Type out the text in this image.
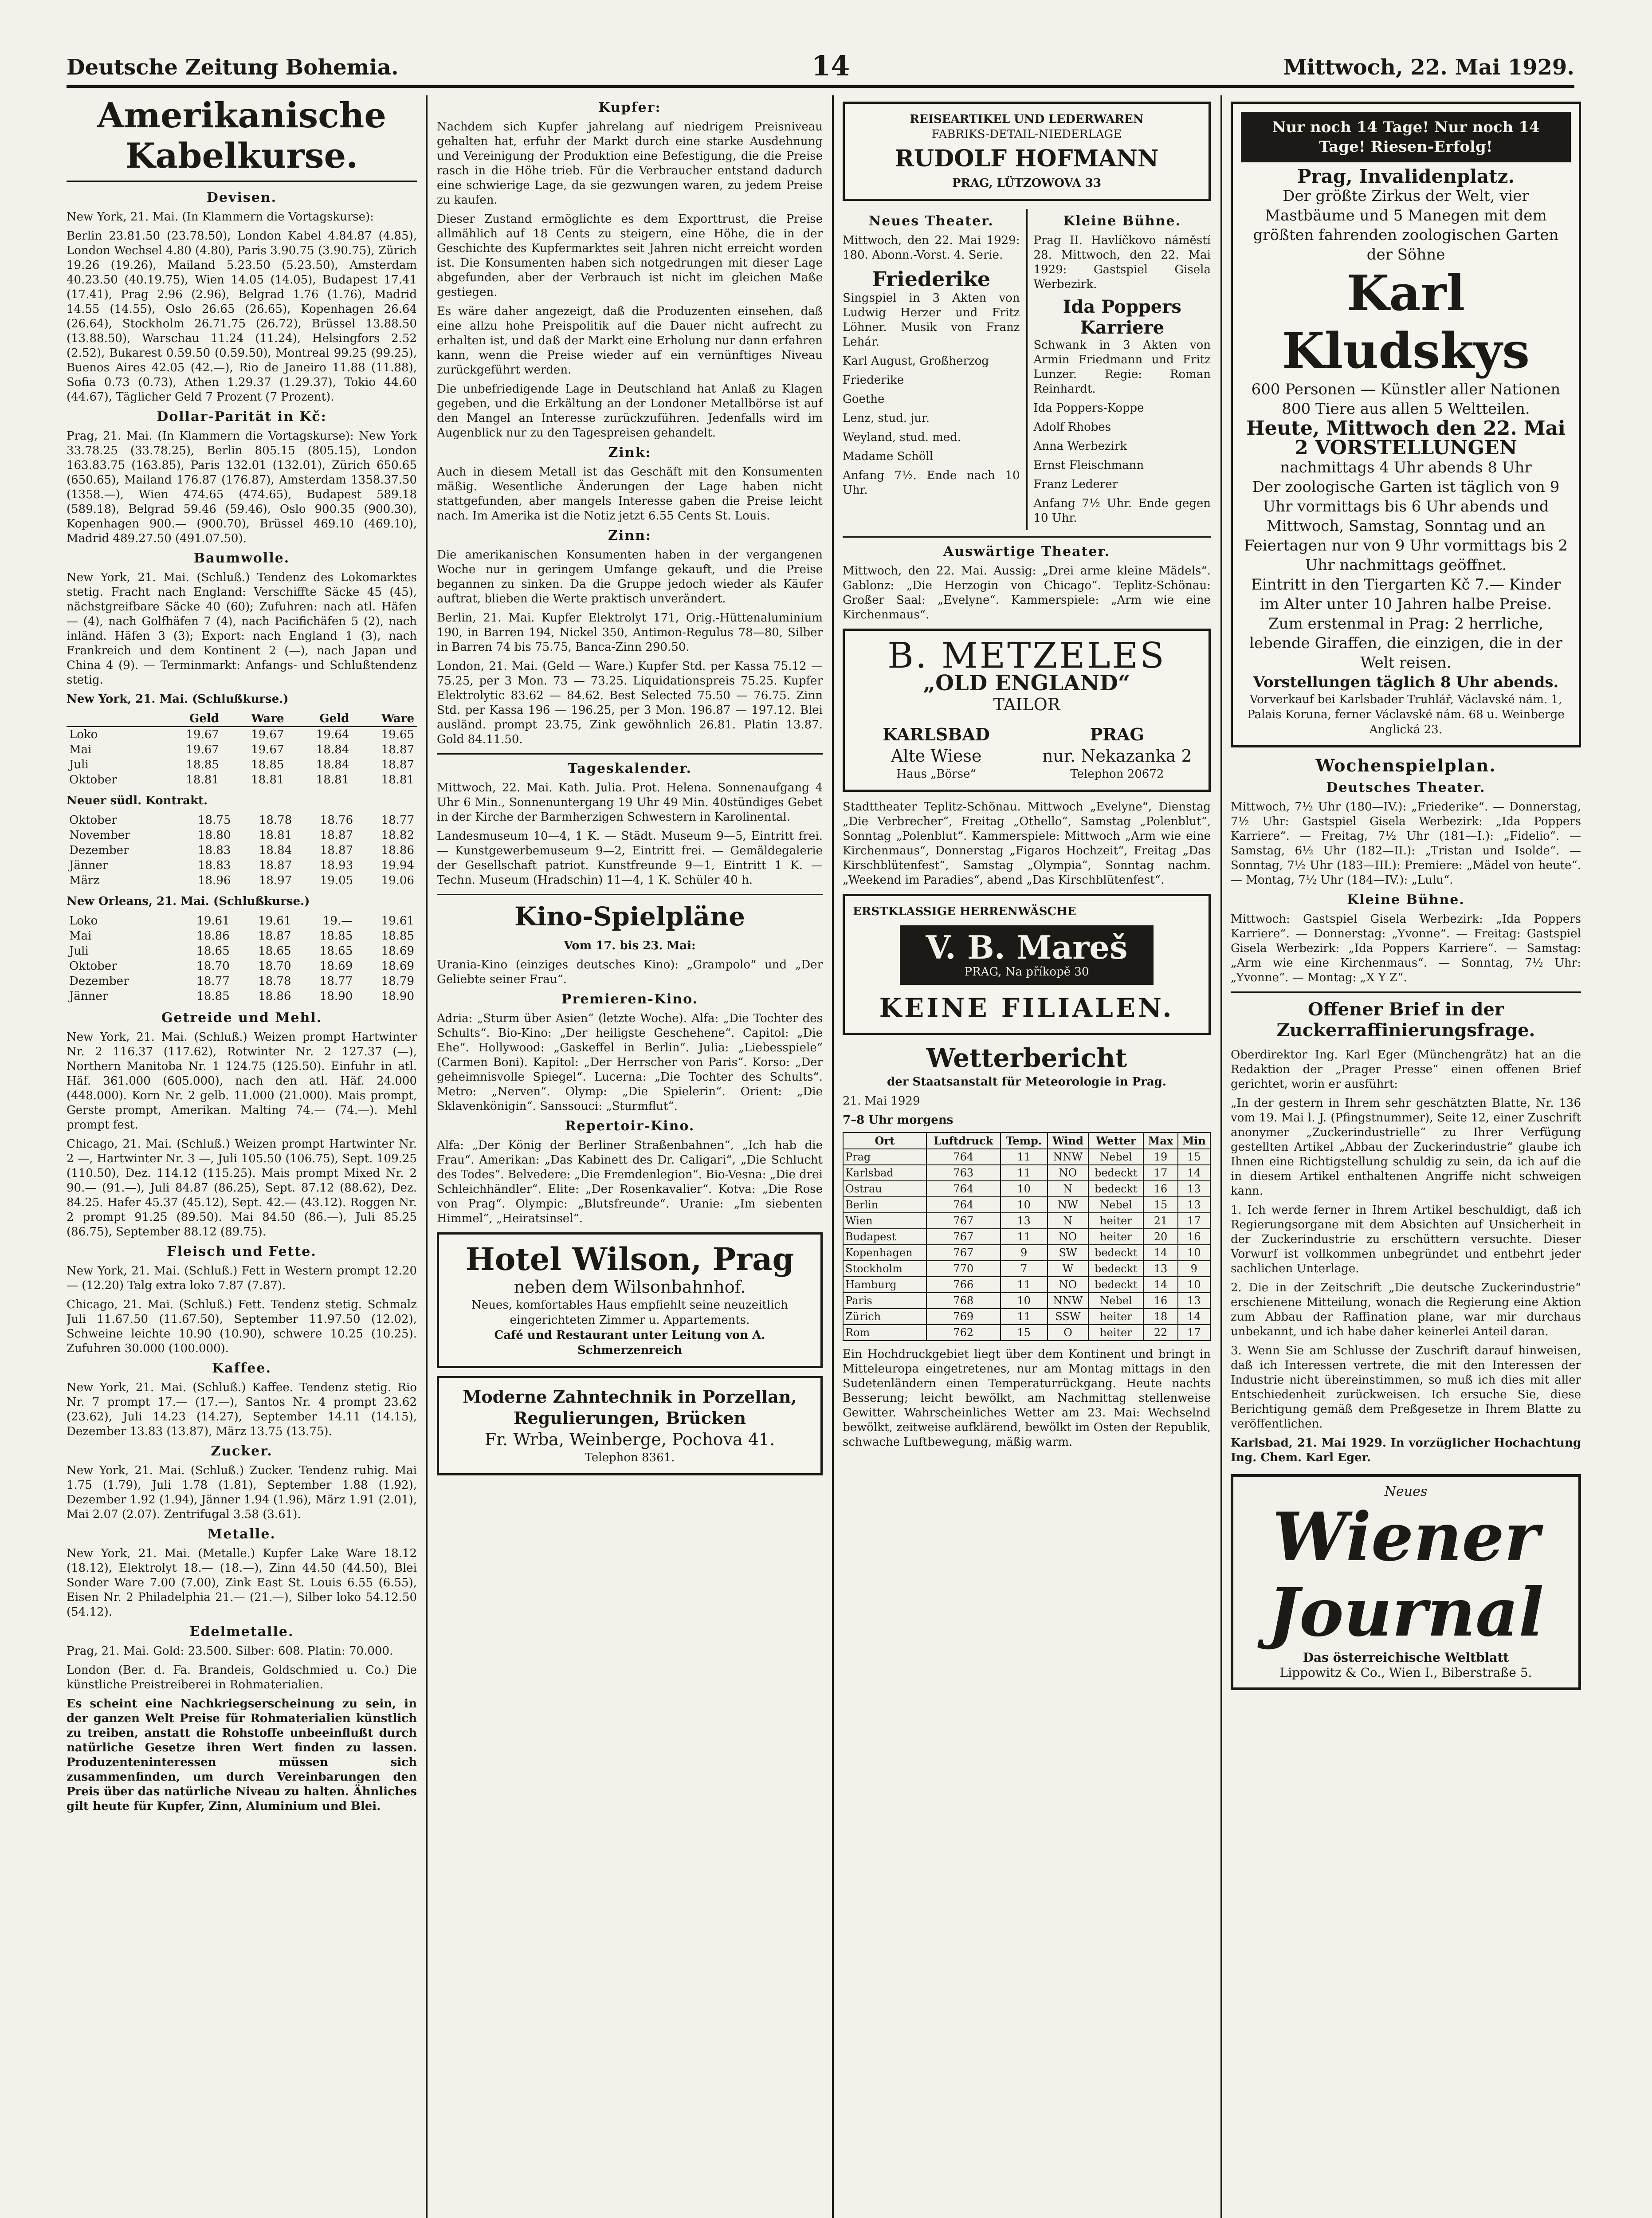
Deutsche Zeitung Bohemia.	14	Mittwoch, 22. Mai 1929.
Amerikanische Kabelkurse.
Devisen.

New York, 21. Mai. (In Klammern die Vortagskurse):

Berlin 23.81.50 (23.78.50), London Kabel 4.84.87 (4.85), London Wechsel 4.80 (4.80), Paris 3.90.75 (3.90.75), Zürich 19.26 (19.26), Mailand 5.23.50 (5.23.50), Amsterdam 40.23.50 (40.19.75), Wien 14.05 (14.05), Budapest 17.41 (17.41), Prag 2.96 (2.96), Belgrad 1.76 (1.76), Madrid 14.55 (14.55), Oslo 26.65 (26.65), Kopenhagen 26.64 (26.64), Stockholm 26.71.75 (26.72), Brüssel 13.88.50 (13.88.50), Warschau 11.24 (11.24), Helsingfors 2.52 (2.52), Bukarest 0.59.50 (0.59.50), Montreal 99.25 (99.25), Buenos Aires 42.05 (42.—), Rio de Janeiro 11.88 (11.88), Sofia 0.73 (0.73), Athen 1.29.37 (1.29.37), Tokio 44.60 (44.67), Täglicher Geld 7 Prozent (7 Prozent).

Dollar-Parität in Kč:

Prag, 21. Mai. (In Klammern die Vortagskurse): New York 33.78.25 (33.78.25), Berlin 805.15 (805.15), London 163.83.75 (163.85), Paris 132.01 (132.01), Zürich 650.65 (650.65), Mailand 176.87 (176.87), Amsterdam 1358.37.50 (1358.—), Wien 474.65 (474.65), Budapest 589.18 (589.18), Belgrad 59.46 (59.46), Oslo 900.35 (900.30), Kopenhagen 900.— (900.70), Brüssel 469.10 (469.10), Madrid 489.27.50 (491.07.50).

Baumwolle.

New York, 21. Mai. (Schluß.) Tendenz des Lokomarktes stetig. Fracht nach England: Verschiffte Säcke 45 (45), nächstgreifbare Säcke 40 (60); Zufuhren: nach atl. Häfen — (4), nach Golfhäfen 7 (4), nach Pacifichäfen 5 (2), nach inländ. Häfen 3 (3); Export: nach England 1 (3), nach Frankreich und dem Kontinent 2 (—), nach Japan und China 4 (9). — Terminmarkt: Anfangs- und Schlußtendenz stetig.

New York, 21. Mai. (Schlußkurse.)
	Geld	Ware	Geld	Ware
Loko	19.67	19.67	19.64	19.65
Mai	19.67	19.67	18.84	18.87
Juli	18.85	18.85	18.84	18.87
Oktober	18.81	18.81	18.81	18.81
Neuer südl. Kontrakt.
Oktober	18.75	18.78	18.76	18.77
November	18.80	18.81	18.87	18.82
Dezember	18.83	18.84	18.87	18.86
Jänner	18.83	18.87	18.93	19.94
März	18.96	18.97	19.05	19.06
New Orleans, 21. Mai. (Schlußkurse.)
Loko	19.61	19.61	19.—	19.61
Mai	18.86	18.87	18.85	18.85
Juli	18.65	18.65	18.65	18.69
Oktober	18.70	18.70	18.69	18.69
Dezember	18.77	18.78	18.77	18.79
Jänner	18.85	18.86	18.90	18.90
Getreide und Mehl.

New York, 21. Mai. (Schluß.) Weizen prompt Hartwinter Nr. 2 116.37 (117.62), Rotwinter Nr. 2 127.37 (—), Northern Manitoba Nr. 1 124.75 (125.50). Einfuhr in atl. Häf. 361.000 (605.000), nach den atl. Häf. 24.000 (448.000). Korn Nr. 2 gelb. 11.000 (21.000). Mais prompt, Gerste prompt, Amerikan. Malting 74.— (74.—). Mehl prompt fest.

Chicago, 21. Mai. (Schluß.) Weizen prompt Hartwinter Nr. 2 —, Hartwinter Nr. 3 —, Juli 105.50 (106.75), Sept. 109.25 (110.50), Dez. 114.12 (115.25). Mais prompt Mixed Nr. 2 90.— (91.—), Juli 84.87 (86.25), Sept. 87.12 (88.62), Dez. 84.25. Hafer 45.37 (45.12), Sept. 42.— (43.12). Roggen Nr. 2 prompt 91.25 (89.50). Mai 84.50 (86.—), Juli 85.25 (86.75), September 88.12 (89.75).

Fleisch und Fette.

New York, 21. Mai. (Schluß.) Fett in Western prompt 12.20 — (12.20) Talg extra loko 7.87 (7.87).

Chicago, 21. Mai. (Schluß.) Fett. Tendenz stetig. Schmalz Juli 11.67.50 (11.67.50), September 11.97.50 (12.02), Schweine leichte 10.90 (10.90), schwere 10.25 (10.25). Zufuhren 30.000 (100.000).

Kaffee.

New York, 21. Mai. (Schluß.) Kaffee. Tendenz stetig. Rio Nr. 7 prompt 17.— (17.—), Santos Nr. 4 prompt 23.62 (23.62), Juli 14.23 (14.27), September 14.11 (14.15), Dezember 13.83 (13.87), März 13.75 (13.75).

Zucker.

New York, 21. Mai. (Schluß.) Zucker. Tendenz ruhig. Mai 1.75 (1.79), Juli 1.78 (1.81), September 1.88 (1.92), Dezember 1.92 (1.94), Jänner 1.94 (1.96), März 1.91 (2.01), Mai 2.07 (2.07). Zentrifugal 3.58 (3.61).

Metalle.

New York, 21. Mai. (Metalle.) Kupfer Lake Ware 18.12 (18.12), Elektrolyt 18.— (18.—), Zinn 44.50 (44.50), Blei Sonder Ware 7.00 (7.00), Zink East St. Louis 6.55 (6.55), Eisen Nr. 2 Philadelphia 21.— (21.—), Silber loko 54.12.50 (54.12).

Edelmetalle.

Prag, 21. Mai. Gold: 23.500. Silber: 608. Platin: 70.000.

London (Ber. d. Fa. Brandeis, Goldschmied u. Co.) Die künstliche Preistreiberei in Rohmaterialien.

Es scheint eine Nachkriegserscheinung zu sein, in der ganzen Welt Preise für Rohmaterialien künstlich zu treiben, anstatt die Rohstoffe unbeeinflußt durch natürliche Gesetze ihren Wert finden zu lassen. Produzenteninteressen müssen sich zusammenfinden, um durch Vereinbarungen den Preis über das natürliche Niveau zu halten. Ähnliches gilt heute für Kupfer, Zinn, Aluminium und Blei.

Kupfer:

Nachdem sich Kupfer jahrelang auf niedrigem Preisniveau gehalten hat, erfuhr der Markt durch eine starke Ausdehnung und Vereinigung der Produktion eine Befestigung, die die Preise rasch in die Höhe trieb. Für die Verbraucher entstand dadurch eine schwierige Lage, da sie gezwungen waren, zu jedem Preise zu kaufen.

Dieser Zustand ermöglichte es dem Exporttrust, die Preise allmählich auf 18 Cents zu steigern, eine Höhe, die in der Geschichte des Kupfermarktes seit Jahren nicht erreicht worden ist. Die Konsumenten haben sich notgedrungen mit dieser Lage abgefunden, aber der Verbrauch ist nicht im gleichen Maße gestiegen.

Es wäre daher angezeigt, daß die Produzenten einsehen, daß eine allzu hohe Preispolitik auf die Dauer nicht aufrecht zu erhalten ist, und daß der Markt eine Erholung nur dann erfahren kann, wenn die Preise wieder auf ein vernünftiges Niveau zurückgeführt werden.

Die unbefriedigende Lage in Deutschland hat Anlaß zu Klagen gegeben, und die Erkältung an der Londoner Metallbörse ist auf den Mangel an Interesse zurückzuführen. Jedenfalls wird im Augenblick nur zu den Tagespreisen gehandelt.

Zink:

Auch in diesem Metall ist das Geschäft mit den Konsumenten mäßig. Wesentliche Änderungen der Lage haben nicht stattgefunden, aber mangels Interesse gaben die Preise leicht nach. Im Amerika ist die Notiz jetzt 6.55 Cents St. Louis.

Zinn:

Die amerikanischen Konsumenten haben in der vergangenen Woche nur in geringem Umfange gekauft, und die Preise begannen zu sinken. Da die Gruppe jedoch wieder als Käufer auftrat, blieben die Werte praktisch unverändert.

Berlin, 21. Mai. Kupfer Elektrolyt 171, Orig.-Hüttenaluminium 190, in Barren 194, Nickel 350, Antimon-Regulus 78—80, Silber in Barren 74 bis 75.75, Banca-Zinn 290.50.

London, 21. Mai. (Geld — Ware.) Kupfer Std. per Kassa 75.12 — 75.25, per 3 Mon. 73 — 73.25. Liquidationspreis 75.25. Kupfer Elektrolytic 83.62 — 84.62. Best Selected 75.50 — 76.75. Zinn Std. per Kassa 196 — 196.25, per 3 Mon. 196.87 — 197.12. Blei ausländ. prompt 23.75, Zink gewöhnlich 26.81. Platin 13.87. Gold 84.11.50.

Tageskalender.

Mittwoch, 22. Mai. Kath. Julia. Prot. Helena. Sonnenaufgang 4 Uhr 6 Min., Sonnenuntergang 19 Uhr 49 Min. 40stündiges Gebet in der Kirche der Barmherzigen Schwestern in Karolinental.

Landesmuseum 10—4, 1 K. — Städt. Museum 9—5, Eintritt frei. — Kunstgewerbemuseum 9—2, Eintritt frei. — Gemäldegalerie der Gesellschaft patriot. Kunstfreunde 9—1, Eintritt 1 K. — Techn. Museum (Hradschin) 11—4, 1 K. Schüler 40 h.

Kino-Spielpläne
Vom 17. bis 23. Mai:

Urania-Kino (einziges deutsches Kino): „Grampolo“ und „Der Geliebte seiner Frau“.

Premieren-Kino.

Adria: „Sturm über Asien“ (letzte Woche). Alfa: „Die Tochter des Schults“. Bio-Kino: „Der heiligste Geschehene“. Capitol: „Die Ehe“. Hollywood: „Gaskeffel in Berlin“. Julia: „Liebesspiele“ (Carmen Boni). Kapitol: „Der Herrscher von Paris“. Korso: „Der geheimnisvolle Spiegel“. Lucerna: „Die Tochter des Schults“. Metro: „Nerven“. Olymp: „Die Spielerin“. Orient: „Die Sklavenkönigin“. Sanssouci: „Sturmflut“.

Repertoir-Kino.

Alfa: „Der König der Berliner Straßenbahnen“, „Ich hab die Frau“. Amerikan: „Das Kabinett des Dr. Caligari“, „Die Schlucht des Todes“. Belvedere: „Die Fremdenlegion“. Bio-Vesna: „Die drei Schleichhändler“. Elite: „Der Rosenkavalier“. Kotva: „Die Rose von Prag“. Olympic: „Blutsfreunde“. Uranie: „Im siebenten Himmel“, „Heiratsinsel“.

Hotel Wilson, Prag
neben dem Wilsonbahnhof.
Neues, komfortables Haus empfiehlt seine neuzeitlich eingerichteten Zimmer u. Appartements.
Café und Restaurant unter Leitung von A. Schmerzenreich
Moderne Zahntechnik in Porzellan, Regulierungen, Brücken
Fr. Wrba, Weinberge, Pochova 41.
Telephon 8361.
REISEARTIKEL UND LEDERWAREN
FABRIKS-DETAIL-NIEDERLAGE
RUDOLF HOFMANN
PRAG, LÜTZOWOVA 33
Neues Theater.

Mittwoch, den 22. Mai 1929: 180. Abonn.-Vorst. 4. Serie.

Friederike

Singspiel in 3 Akten von Ludwig Herzer und Fritz Löhner. Musik von Franz Lehár.

Karl August, Großherzog
Friederike
Goethe
Lenz, stud. jur.
Weyland, stud. med.
Madame Schöll
Anfang 7½. Ende nach 10 Uhr.
Kleine Bühne.

Prag II. Havlíčkovo náměstí 28. Mittwoch, den 22. Mai 1929: Gastspiel Gisela Werbezirk.

Ida Poppers Karriere

Schwank in 3 Akten von Armin Friedmann und Fritz Lunzer. Regie: Roman Reinhardt.

Ida Poppers-Koppe
Adolf Rhobes
Anna Werbezirk
Ernst Fleischmann
Franz Lederer
Anfang 7½ Uhr. Ende gegen 10 Uhr.
Auswärtige Theater.

Mittwoch, den 22. Mai. Aussig: „Drei arme kleine Mädels“. Gablonz: „Die Herzogin von Chicago“. Teplitz-Schönau: Großer Saal: „Evelyne“. Kammerspiele: „Arm wie eine Kirchenmaus“.

B. METZELES
„OLD ENGLAND“
TAILOR
KARLSBAD
Alte Wiese
Haus „Börse“
PRAG
nur. Nekazanka 2
Telephon 20672

Stadttheater Teplitz-Schönau. Mittwoch „Evelyne“, Dienstag „Die Verbrecher“, Freitag „Othello“, Samstag „Polenblut“, Sonntag „Polenblut“. Kammerspiele: Mittwoch „Arm wie eine Kirchenmaus“, Donnerstag „Figaros Hochzeit“, Freitag „Das Kirschblütenfest“, Samstag „Olympia“, Sonntag nachm. „Weekend im Paradies“, abend „Das Kirschblütenfest“.

ERSTKLASSIGE HERRENWÄSCHE
V. B. Mareš
PRAG, Na příkopě 30
KEINE FILIALEN.
Wetterbericht
der Staatsanstalt für Meteorologie in Prag.
21. Mai 1929
7–8 Uhr morgens
Ort	Luftdruck	Temp.	Wind	Wetter	Max	Min
Prag	764	11	NNW	Nebel	19	15
Karlsbad	763	11	NO	bedeckt	17	14
Ostrau	764	10	N	bedeckt	16	13
Berlin	764	10	NW	Nebel	15	13
Wien	767	13	N	heiter	21	17
Budapest	767	11	NO	heiter	20	16
Kopenhagen	767	9	SW	bedeckt	14	10
Stockholm	770	7	W	bedeckt	13	9
Hamburg	766	11	NO	bedeckt	14	10
Paris	768	10	NNW	Nebel	16	13
Zürich	769	11	SSW	heiter	18	14
Rom	762	15	O	heiter	22	17

Ein Hochdruckgebiet liegt über dem Kontinent und bringt in Mitteleuropa eingetretenes, nur am Montag mittags in den Sudetenländern einen Temperaturrückgang. Heute nachts Besserung; leicht bewölkt, am Nachmittag stellenweise Gewitter. Wahrscheinliches Wetter am 23. Mai: Wechselnd bewölkt, zeitweise aufklärend, bewölkt im Osten der Republik, schwache Luftbewegung, mäßig warm.

Nur noch 14 Tage! Nur noch 14 Tage! Riesen-Erfolg!
Prag, Invalidenplatz.
Der größte Zirkus der Welt, vier Mastbäume und 5 Manegen mit dem größten fahrenden zoologischen Garten der Söhne
Karl Kludskys
600 Personen — Künstler aller Nationen 800 Tiere aus allen 5 Weltteilen.
Heute, Mittwoch den 22. Mai
2 VORSTELLUNGEN
nachmittags 4 Uhr abends 8 Uhr
Der zoologische Garten ist täglich von 9 Uhr vormittags bis 6 Uhr abends und Mittwoch, Samstag, Sonntag und an Feiertagen nur von 9 Uhr vormittags bis 2 Uhr nachmittags geöffnet.
Eintritt in den Tiergarten Kč 7.— Kinder im Alter unter 10 Jahren halbe Preise. Zum erstenmal in Prag: 2 herrliche, lebende Giraffen, die einzigen, die in der Welt reisen.
Vorstellungen täglich 8 Uhr abends.
Vorverkauf bei Karlsbader Truhlář, Václavské nám. 1, Palais Koruna, ferner Václavské nám. 68 u. Weinberge Anglická 23.
Wochenspielplan.
Deutsches Theater.

Mittwoch, 7½ Uhr (180—IV.): „Friederike“. — Donnerstag, 7½ Uhr: Gastspiel Gisela Werbezirk: „Ida Poppers Karriere“. — Freitag, 7½ Uhr (181—I.): „Fidelio“. — Samstag, 6½ Uhr (182—II.): „Tristan und Isolde“. — Sonntag, 7½ Uhr (183—III.): Premiere: „Mädel von heute“. — Montag, 7½ Uhr (184—IV.): „Lulu“.

Kleine Bühne.

Mittwoch: Gastspiel Gisela Werbezirk: „Ida Poppers Karriere“. — Donnerstag: „Yvonne“. — Freitag: Gastspiel Gisela Werbezirk: „Ida Poppers Karriere“. — Samstag: „Arm wie eine Kirchenmaus“. — Sonntag, 7½ Uhr: „Yvonne“. — Montag: „X Y Z“.

Offener Brief in der Zuckerraffinierungsfrage.

Oberdirektor Ing. Karl Eger (Münchengrätz) hat an die Redaktion der „Prager Presse“ einen offenen Brief gerichtet, worin er ausführt:

„In der gestern in Ihrem sehr geschätzten Blatte, Nr. 136 vom 19. Mai l. J. (Pfingstnummer), Seite 12, einer Zuschrift anonymer „Zuckerindustrielle“ zu Ihrer Verfügung gestellten Artikel „Abbau der Zuckerindustrie“ glaube ich Ihnen eine Richtigstellung schuldig zu sein, da ich auf die in diesem Artikel enthaltenen Angriffe nicht schweigen kann.

1. Ich werde ferner in Ihrem Artikel beschuldigt, daß ich Regierungsorgane mit dem Absichten auf Unsicherheit in der Zuckerindustrie zu erschüttern versuchte. Dieser Vorwurf ist vollkommen unbegründet und entbehrt jeder sachlichen Unterlage.

2. Die in der Zeitschrift „Die deutsche Zuckerindustrie“ erschienene Mitteilung, wonach die Regierung eine Aktion zum Abbau der Raffination plane, war mir durchaus unbekannt, und ich habe daher keinerlei Anteil daran.

3. Wenn Sie am Schlusse der Zuschrift darauf hinweisen, daß ich Interessen vertrete, die mit den Interessen der Industrie nicht übereinstimmen, so muß ich dies mit aller Entschiedenheit zurückweisen. Ich ersuche Sie, diese Berichtigung gemäß dem Preßgesetze in Ihrem Blatte zu veröffentlichen.

Karlsbad, 21. Mai 1929. In vorzüglicher Hochachtung Ing. Chem. Karl Eger.

Neues
Wiener Journal
Das österreichische Weltblatt
Lippowitz & Co., Wien I., Biberstraße 5.
